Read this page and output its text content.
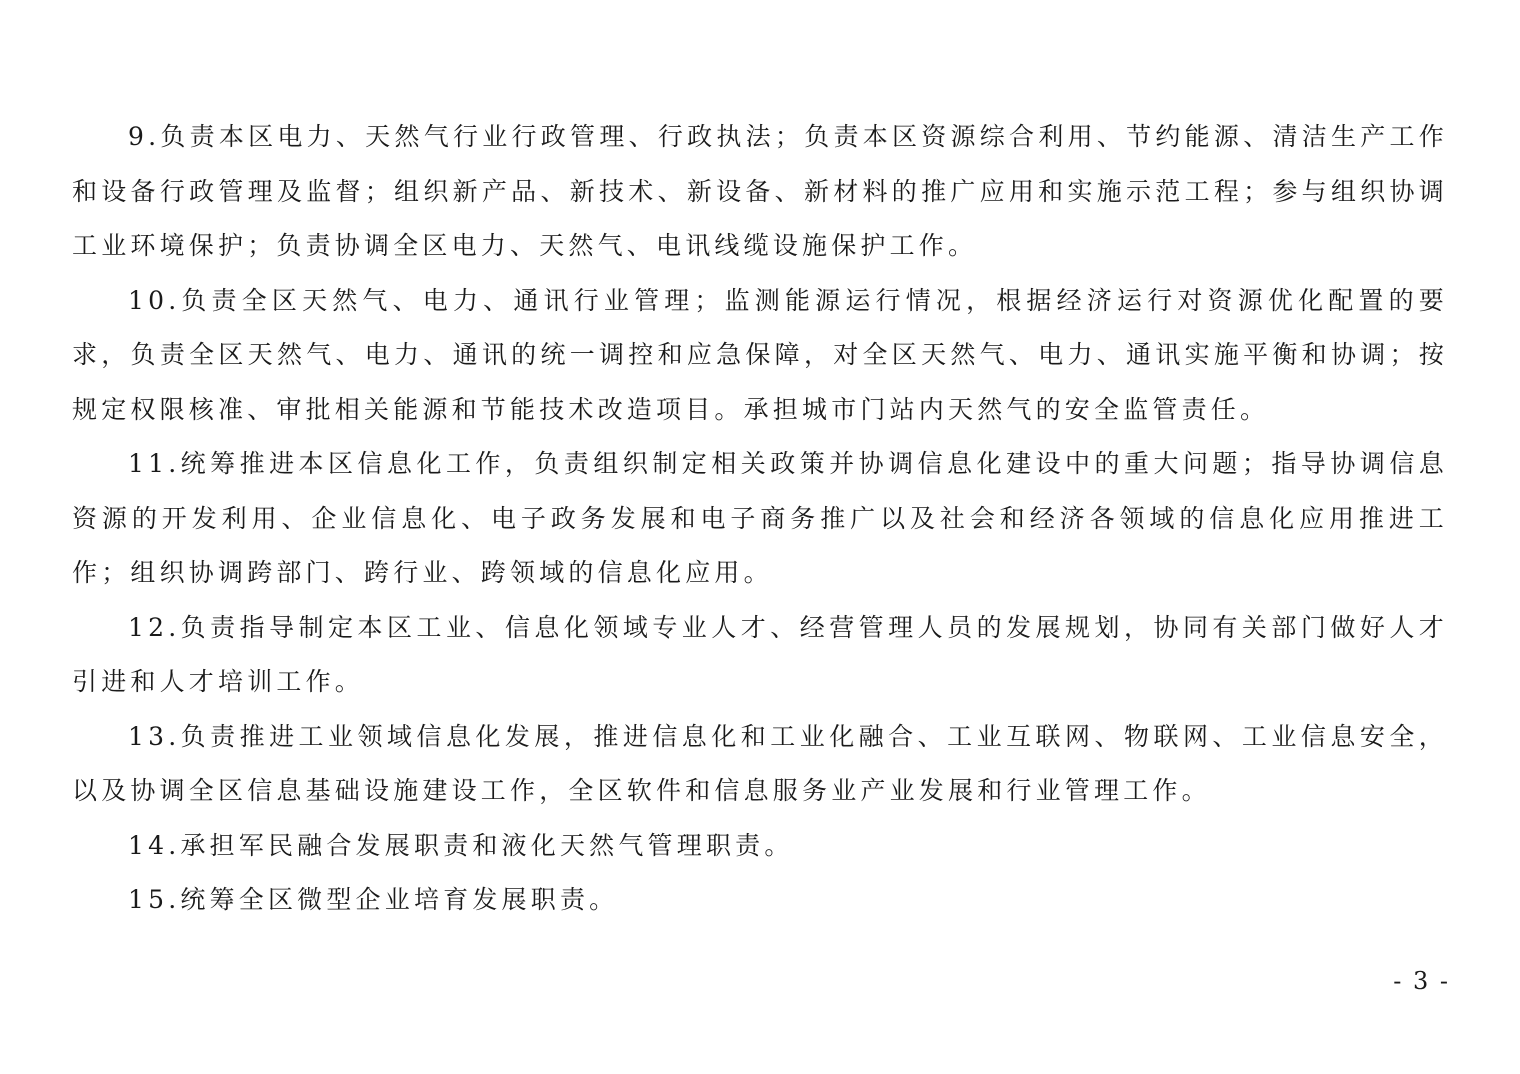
9.负责本区电力、天然气行业行政管理、行政执法；负责本区资源综合利用、节约能源、清洁生产工作和设备行政管理及监督；组织新产品、新技术、新设备、新材料的推广应用和实施示范工程；参与组织协调工业环境保护；负责协调全区电力、天然气、电讯线缆设施保护工作。

10.负责全区天然气、电力、通讯行业管理；监测能源运行情况，根据经济运行对资源优化配置的要求，负责全区天然气、电力、通讯的统一调控和应急保障，对全区天然气、电力、通讯实施平衡和协调；按规定权限核准、审批相关能源和节能技术改造项目。承担城市门站内天然气的安全监管责任。

11.统筹推进本区信息化工作，负责组织制定相关政策并协调信息化建设中的重大问题；指导协调信息资源的开发利用、企业信息化、电子政务发展和电子商务推广以及社会和经济各领域的信息化应用推进工作；组织协调跨部门、跨行业、跨领域的信息化应用。

12.负责指导制定本区工业、信息化领域专业人才、经营管理人员的发展规划，协同有关部门做好人才引进和人才培训工作。

13.负责推进工业领域信息化发展，推进信息化和工业化融合、工业互联网、物联网、工业信息安全，以及协调全区信息基础设施建设工作，全区软件和信息服务业产业发展和行业管理工作。

14.承担军民融合发展职责和液化天然气管理职责。

15.统筹全区微型企业培育发展职责。

- 3 -
